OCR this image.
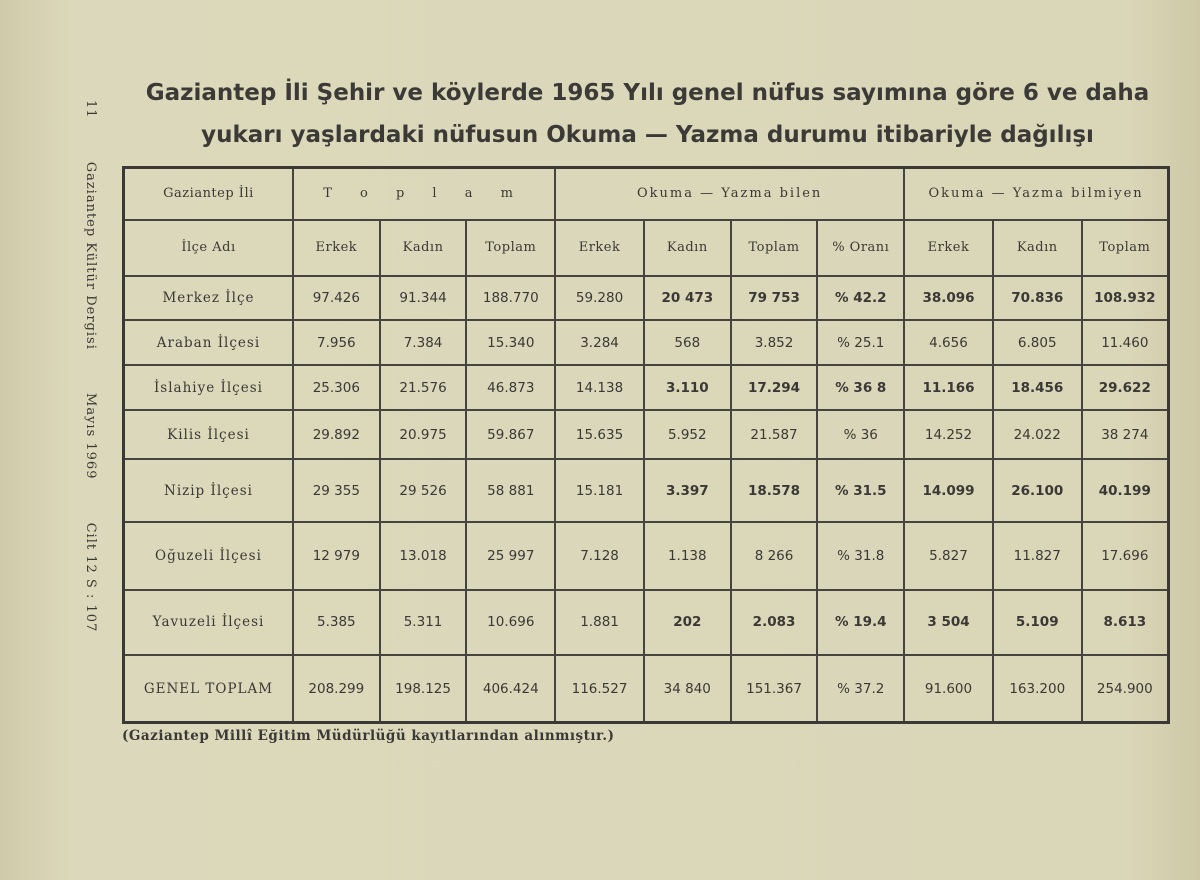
11 Gaziantep Kültür Dergisi Mayıs 1969 Cilt 12 S : 107
Gaziantep İli Şehir ve köylerde 1965 Yılı genel nüfus sayımına göre 6 ve daha
yukarı yaşlardaki nüfusun Okuma — Yazma durumu itibariyle dağılışı
Gaziantep İli	T o p l a m			Okuma — Yazma bilen				Okuma — Yazma bilmiyen		
İlçe Adı	Erkek	Kadın	Toplam	Erkek	Kadın	Toplam	% Oranı	Erkek	Kadın	Toplam
Merkez İlçe	97.426	91.344	188.770	59.280	20 473	79 753	% 42.2	38.096	70.836	108.932
Araban İlçesi	7.956	7.384	15.340	3.284	568	3.852	% 25.1	4.656	6.805	11.460
İslahiye İlçesi	25.306	21.576	46.873	14.138	3.110	17.294	% 36 8	11.166	18.456	29.622
Kilis İlçesi	29.892	20.975	59.867	15.635	5.952	21.587	% 36	14.252	24.022	38 274
Nizip İlçesi	29 355	29 526	58 881	15.181	3.397	18.578	% 31.5	14.099	26.100	40.199
Oğuzeli İlçesi	12 979	13.018	25 997	7.128	1.138	8 266	% 31.8	5.827	11.827	17.696
Yavuzeli İlçesi	5.385	5.311	10.696	1.881	202	2.083	% 19.4	3 504	5.109	8.613
GENEL TOPLAM	208.299	198.125	406.424	116.527	34 840	151.367	% 37.2	91.600	163.200	254.900
(Gaziantep Millî Eğitim Müdürlüğü kayıtlarından alınmıştır.)
